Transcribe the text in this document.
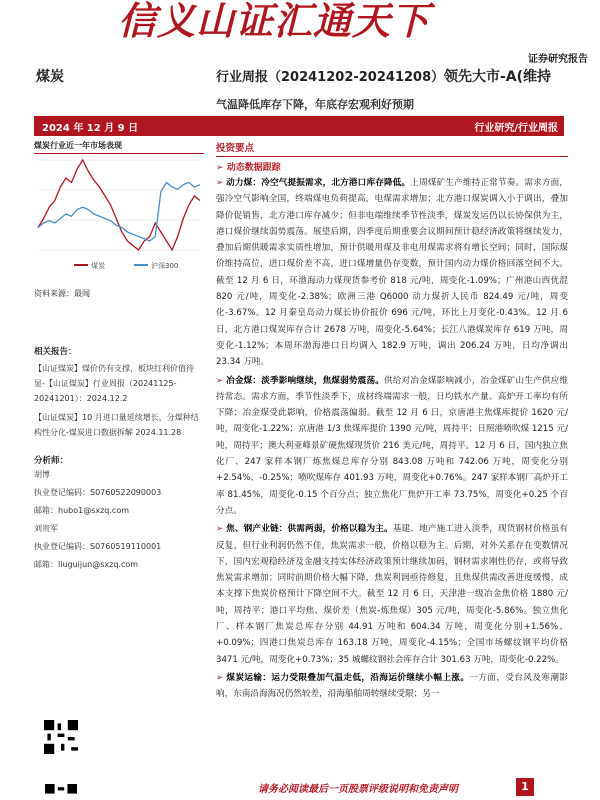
信义山证汇通天下
证券研究报告
煤炭	行业周报（20241202-20241208） 领先大市-A(维持
气温降低库存下降，年底存宏观利好预期
2024 年 12 月 9 日	行业研究/行业周报
煤炭行业近一年市场表现
煤炭	沪深300
资料来源：最闻
相关报告：
【山证煤炭】煤价仍有支撑，板块红利价值待显-【山证煤炭】行业周报（20241125-20241201）：2024.12.2
【山证煤炭】10 月进口量延续增长，分煤种结构性分化-煤炭进口数据拆解 2024.11.28
分析师：
胡博
执业登记编码：S0760522090003
邮箱：hubo1@sxzq.com
刘贵军
执业登记编码：S0760519110001
邮箱：liuguijun@sxzq.com
投资要点
➢ 动态数据跟踪
➢ 动力煤：冷空气提振需求，北方港口库存降低。上周煤矿生产维持正常节奏。需求方面，强冷空气影响全国，终端煤电负荷提高，电煤需求增加；北方港口煤炭调入小于调出，叠加降价促销售，北方港口库存减少；但非电端维续季节性淡季，煤炭发运仍以长协保供为主，港口煤价继续弱势震荡。展望后期，四季度后期重要会议期间预计稳经济政策将继续发力，叠加后期供暖需求实质性增加，预计供暖用煤及非电用煤需求将有增长空间；同时，国际煤价维持高位，进口煤价差不高，进口煤增量仍存变数，预计国内动力煤价格回落空间不大。截至 12 月 6 日，环渤海动力煤现货参考价 818 元/吨，周变化-1.09%；广州港山西优混 820 元/吨，周变化-2.38%；欧洲三港 Q6000 动力煤折人民币 824.49 元/吨，周变化-3.67%。12 月秦皇岛动力煤长协价报价 696 元/吨，环比上月变化-0.43%。12 月 6 日，北方港口煤炭库存合计 2678 万吨，周变化-5.64%；长江八港煤炭库存 619 万吨，周变化-1.12%；本周环渤海港口日均调入 182.9 万吨，调出 206.24 万吨，日均净调出 23.34 万吨。
➢ 冶金煤：淡季影响继续，焦煤弱势震荡。供给对冶金煤影响减小，冶金煤矿山生产供应维持常态。需求方面，季节性淡季下，成材终端需求一般，日均铁水产量、高炉开工率均有所下降；冶金煤受此影响，价格震荡偏弱。截至 12 月 6 日，京唐港主焦煤库提价 1620 元/吨，周变化-1.22%；京唐港 1/3 焦煤库提价 1390 元/吨，周持平；日照港喷吹煤 1215 元/吨，周持平；澳大利亚峰景矿硬焦煤现货价 216 美元/吨，周持平。12 月 6 日，国内独立焦化厂、247 家样本钢厂炼焦煤总库存分别 843.08 万吨和 742.06 万吨，周变化分别+2.54%、-0.25%；喷吹煤库存 401.93 万吨，周变化+0.76%。247 家样本钢厂高炉开工率 81.45%，周变化-0.15 个百分点；独立焦化厂焦炉开工率 73.75%，周变化+0.25 个百分点。
➢ 焦、钢产业链：供需两弱，价格以稳为主。基建、地产施工进入淡季，现货钢材价格虽有反复，但行业利润仍然不佳，焦炭需求一般，价格以稳为主。后期，对外关系存在变数情况下，国内宏观稳经济及金融支持实体经济政策预计继续加码，钢材需求刚性仍存，或将导致焦炭需求增加；同时前期价格大幅下降，焦炭利润亟待修复，且焦煤供需改善进度缓慢，成本支撑下焦炭价格预计下降空间不大。截至 12 月 6 日，天津港一级冶金焦价格 1880 元/吨，周持平；港口平均焦、煤价差（焦炭-炼焦煤）305 元/吨，周变化-5.86%。独立焦化厂、样本钢厂焦炭总库存分别 44.91 万吨和 604.34 万吨，周变化分别+1.56%、+0.09%；四港口焦炭总库存 163.18 万吨，周变化-4.15%；全国市场螺纹钢平均价格 3471 元/吨，周变化+0.73%；35 城螺纹钢社会库存合计 301.63 万吨，周变化-0.22%。
➢ 煤炭运输：运力受限叠加气温走低，沿海运价继续小幅上涨。一方面，受台风及寒潮影响，东南沿海海况仍然较差，沿海船舶周转继续受限；另一
请务必阅读最后一页股票评级说明和免责声明	1
